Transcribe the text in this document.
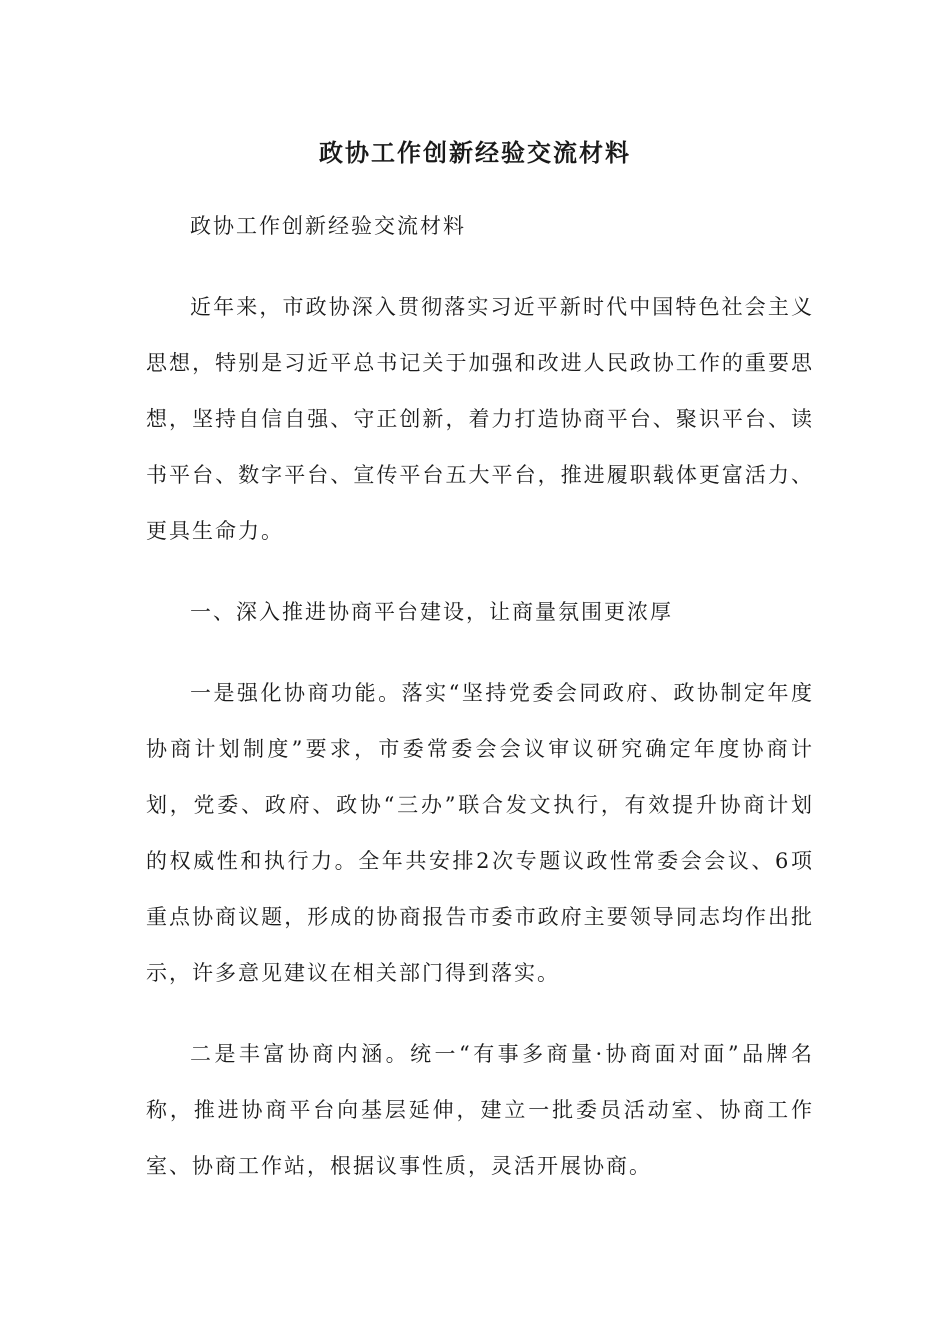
政协工作创新经验交流材料

政协工作创新经验交流材料

近年来，市政协深入贯彻落实习近平新时代中国特色社会主义思想，特别是习近平总书记关于加强和改进人民政协工作的重要思想，坚持自信自强、守正创新，着力打造协商平台、聚识平台、读书平台、数字平台、宣传平台五大平台，推进履职载体更富活力、更具生命力。

一、深入推进协商平台建设，让商量氛围更浓厚

一是强化协商功能。落实“坚持党委会同政府、政协制定年度协商计划制度”要求，市委常委会会议审议研究确定年度协商计划，党委、政府、政协“三办”联合发文执行，有效提升协商计划的权威性和执行力。全年共安排2次专题议政性常委会会议、6项重点协商议题，形成的协商报告市委市政府主要领导同志均作出批示，许多意见建议在相关部门得到落实。

二是丰富协商内涵。统一“有事多商量·协商面对面”品牌名称，推进协商平台向基层延伸，建立一批委员活动室、协商工作室、协商工作站，根据议事性质，灵活开展协商。
